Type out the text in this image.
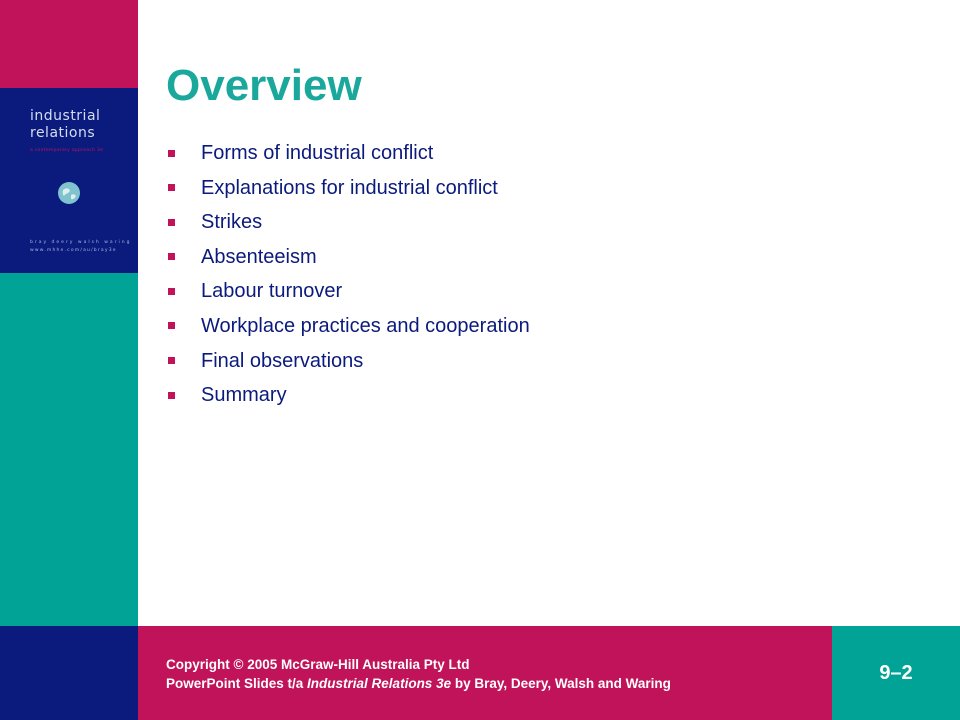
industrial
relations
a contemporary approach 3e
bray deery walsh waring
www.mhhe.com/au/bray3e
Overview
Forms of industrial conflict
Explanations for industrial conflict
Strikes
Absenteeism
Labour turnover
Workplace practices and cooperation
Final observations
Summary
Copyright © 2005 McGraw-Hill Australia Pty Ltd
PowerPoint Slides t/a Industrial Relations 3e by Bray, Deery, Walsh and Waring	9–2
